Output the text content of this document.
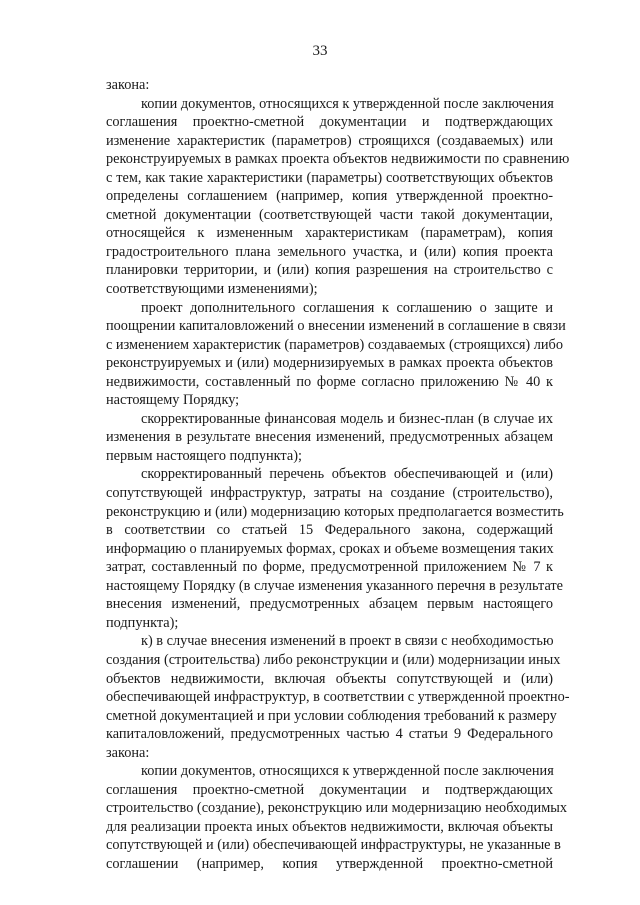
33
закона:
копии документов, относящихся к утвержденной после заключения
соглашения проектно-сметной документации и подтверждающих
изменение характеристик (параметров) строящихся (создаваемых) или
реконструируемых в рамках проекта объектов недвижимости по сравнению
с тем, как такие характеристики (параметры) соответствующих объектов
определены соглашением (например, копия утвержденной проектно-
сметной документации (соответствующей части такой документации,
относящейся к измененным характеристикам (параметрам), копия
градостроительного плана земельного участка, и (или) копия проекта
планировки территории, и (или) копия разрешения на строительство с
соответствующими изменениями);
проект дополнительного соглашения к соглашению о защите и
поощрении капиталовложений о внесении изменений в соглашение в связи
с изменением характеристик (параметров) создаваемых (строящихся) либо
реконструируемых и (или) модернизируемых в рамках проекта объектов
недвижимости, составленный по форме согласно приложению № 40 к
настоящему Порядку;
скорректированные финансовая модель и бизнес-план (в случае их
изменения в результате внесения изменений, предусмотренных абзацем
первым настоящего подпункта);
скорректированный перечень объектов обеспечивающей и (или)
сопутствующей инфраструктур, затраты на создание (строительство),
реконструкцию и (или) модернизацию которых предполагается возместить
в соответствии со статьей 15 Федерального закона, содержащий
информацию о планируемых формах, сроках и объеме возмещения таких
затрат, составленный по форме, предусмотренной приложением № 7 к
настоящему Порядку (в случае изменения указанного перечня в результате
внесения изменений, предусмотренных абзацем первым настоящего
подпункта);
к) в случае внесения изменений в проект в связи с необходимостью
создания (строительства) либо реконструкции и (или) модернизации иных
объектов недвижимости, включая объекты сопутствующей и (или)
обеспечивающей инфраструктур, в соответствии с утвержденной проектно-
сметной документацией и при условии соблюдения требований к размеру
капиталовложений, предусмотренных частью 4 статьи 9 Федерального
закона:
копии документов, относящихся к утвержденной после заключения
соглашения проектно-сметной документации и подтверждающих
строительство (создание), реконструкцию или модернизацию необходимых
для реализации проекта иных объектов недвижимости, включая объекты
сопутствующей и (или) обеспечивающей инфраструктуры, не указанные в
соглашении (например, копия утвержденной проектно-сметной
